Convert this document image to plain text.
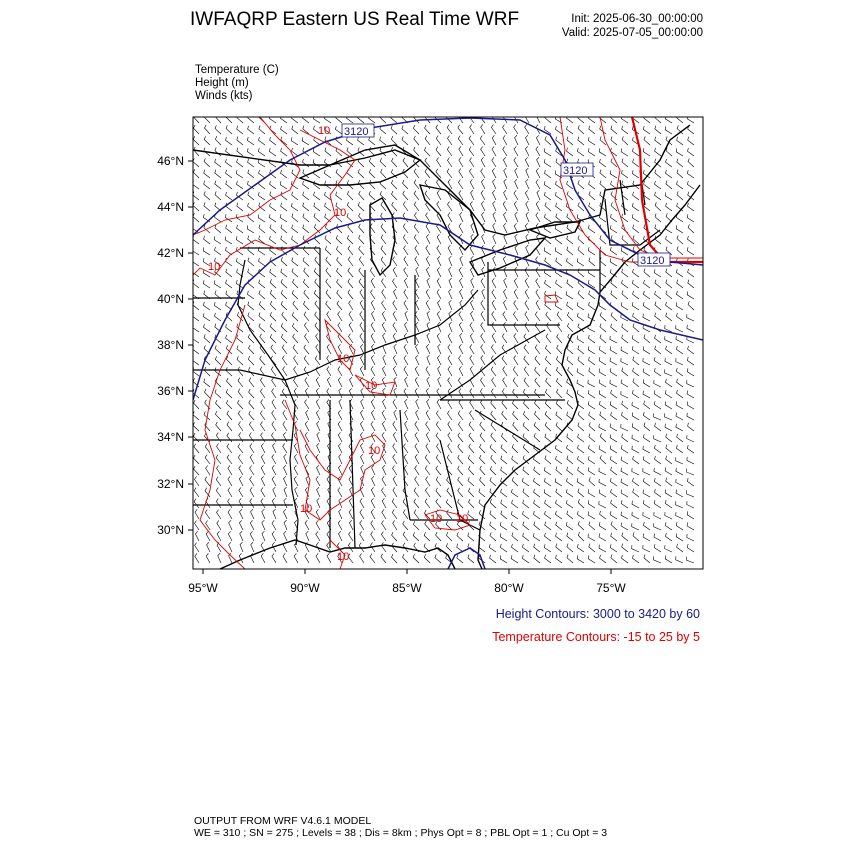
IWFAQRP Eastern US Real Time WRF	Init: 2025-06-30_00:00:00
Valid: 2025-07-05_00:00:00
Temperature (C)
Height (m)
Winds (kts)
46°N
44°N
42°N
40°N
38°N
36°N
34°N
32°N
30°N
95°W	90°W	85°W	80°W	75°W
3120
3120
3120
10
10
10
10
10
10
10
10 10
10
Height Contours: 3000 to 3420 by 60
Temperature Contours: -15 to 25 by 5
OUTPUT FROM WRF V4.6.1 MODEL
WE = 310 ; SN = 275 ; Levels = 38 ; Dis = 8km ; Phys Opt = 8 ; PBL Opt = 1 ; Cu Opt = 3
